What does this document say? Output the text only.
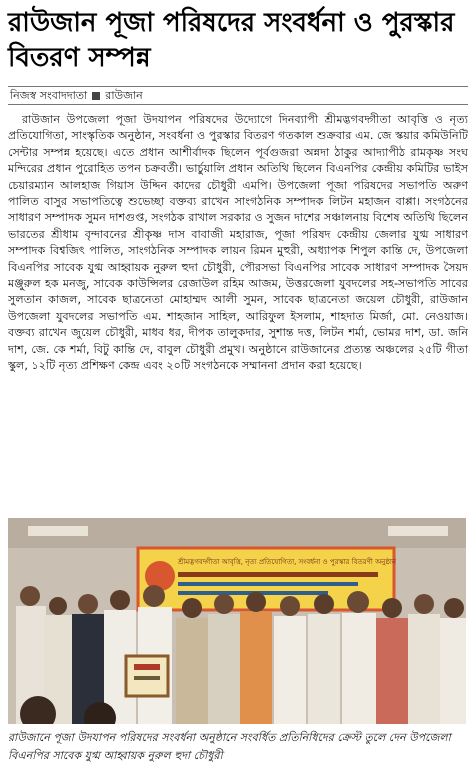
রাউজান পূজা পরিষদের সংবর্ধনা ও পুরস্কার বিতরণ সম্পন্ন
নিজস্ব সংবাদদাতা রাউজান

রাউজান উপজেলা পূজা উদযাপন পরিষদের উদ্যোগে দিনব্যাপী শ্রীমদ্ভগবদ্গীতা আবৃত্তি ও নৃত্য প্রতিযোগিতা, সাংস্কৃতিক অনুষ্ঠান, সংবর্ধনা ও পুরস্কার বিতরণ গতকাল শুক্রবার এম. জে স্কয়ার কমিউনিটি সেন্টার সম্পন্ন হয়েছে। এতে প্রধান আশীর্বাদক ছিলেন পূর্বগুজরা অন্নদা ঠাকুর আদ্যাপীঠ রামকৃষ্ণ সংঘ মন্দিরের প্রধান পুরোহিত তপন চক্রবর্তী। ভার্চুয়ালি প্রধান অতিথি ছিলেন বিএনপির কেন্দ্রীয় কমিটির ভাইস চেয়ারম্যান আলহাজ গিয়াস উদ্দিন কাদের চৌধুরী এমপি। উপজেলা পূজা পরিষদের সভাপতি অরুণ পালিত বাসুর সভাপতিত্বে শুভেচ্ছা বক্তব্য রাখেন সাংগঠনিক সম্পাদক লিটন মহাজন বাপ্পা। সংগঠনের সাধারণ সম্পাদক সুমন দাশগুপ্ত, সংগঠক রাখাল সরকার ও সুজন দাশের সঞ্চালনায় বিশেষ অতিথি ছিলেন ভারতের শ্রীধাম বৃন্দাবনের শ্রীকৃষ্ণ দাস বাবাজী মহারাজ, পূজা পরিষদ কেন্দ্রীয় জেলার যুগ্ম সাধারণ সম্পাদক বিশ্বজিৎ পালিত, সাংগঠনিক সম্পাদক লায়ন রিমন মুহুরী, অধ্যাপক শিপুল কান্তি দে, উপজেলা বিএনপির সাবেক যুগ্ম আহ্বায়ক নুরুল হুদা চৌধুরী, পৌরসভা বিএনপির সাবেক সাধারণ সম্পাদক সৈয়দ মঞ্জুরুল হক মনজু, সাবেক কাউন্সিলর রেজাউল রহিম আজম, উত্তরজেলা যুবদলের সহ-সভাপতি সাবের সুলতান কাজল, সাবেক ছাত্রনেতা মোহাম্মদ আলী সুমন, সাবেক ছাত্রনেতা জয়েল চৌধুরী, রাউজান উপজেলা যুবদলের সভাপতি এম. শাহজান সাহিল, আরিফুল ইসলাম, শাহদাত মির্জা, মো. নেওয়াজ। বক্তব্য রাখেন জুয়েল চৌধুরী, মাধব ধর, দীপক তালুকদার, সুশান্ত দত্ত, লিটন শর্মা, ভোমর দাশ, ডা. জনি দাশ, জে. কে শর্মা, বিটু কান্তি দে, বাবুল চৌধুরী প্রমুখ। অনুষ্ঠানে রাউজানের প্রত্যন্ত অঞ্চলের ২৫টি গীতা স্কুল, ১২টি নৃত্য প্রশিক্ষণ কেন্দ্র এবং ২০টি সংগঠনকে সম্মাননা প্রদান করা হয়েছে।

শ্রীমদ্ভগবদ্গীতা আবৃত্তি, নৃত্য প্রতিযোগিতা, সংবর্ধনা ও পুরস্কার বিতরণী অনুষ্ঠান

রাউজানে পূজা উদযাপন পরিষদের সংবর্ধনা অনুষ্ঠানে সংবর্ধিত প্রতিনিধিদের ক্রেস্ট তুলে দেন উপজেলা বিএনপির সাবেক যুগ্ম আহ্বায়ক নুরুল হুদা চৌধুরী
